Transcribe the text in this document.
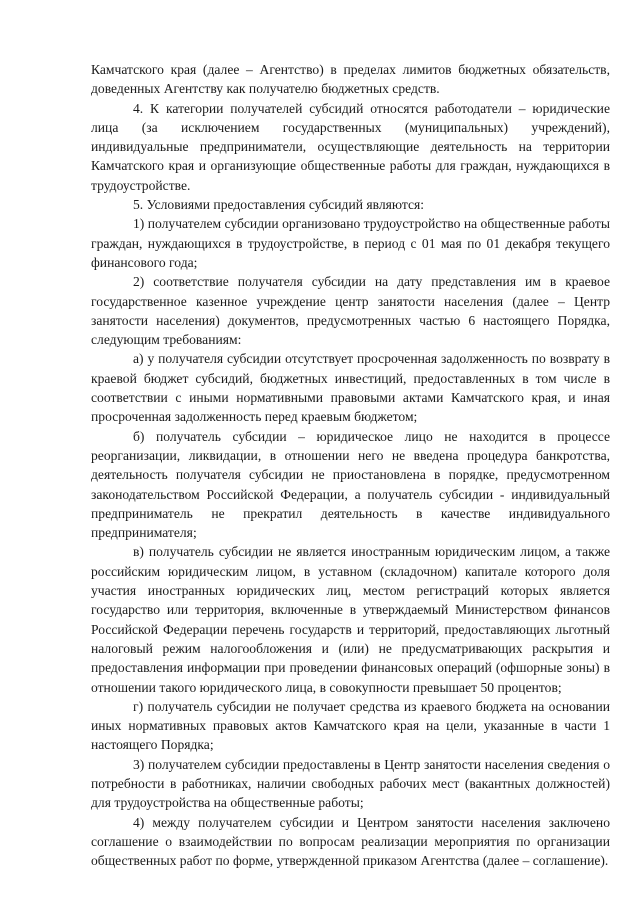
Камчатского края (далее – Агентство) в пределах лимитов бюджетных обязательств, доведенных Агентству как получателю бюджетных средств.

4. К категории получателей субсидий относятся работодатели – юридические лица (за исключением государственных (муниципальных) учреждений), индивидуальные предприниматели, осуществляющие деятельность на территории Камчатского края и организующие общественные работы для граждан, нуждающихся в трудоустройстве.

5. Условиями предоставления субсидий являются:

1) получателем субсидии организовано трудоустройство на общественные работы граждан, нуждающихся в трудоустройстве, в период с 01 мая по 01 декабря текущего финансового года;

2) соответствие получателя субсидии на дату представления им в краевое государственное казенное учреждение центр занятости населения (далее – Центр занятости населения) документов, предусмотренных частью 6 настоящего Порядка, следующим требованиям:

а) у получателя субсидии отсутствует просроченная задолженность по возврату в краевой бюджет субсидий, бюджетных инвестиций, предоставленных в том числе в соответствии с иными нормативными правовыми актами Камчатского края, и иная просроченная задолженность перед краевым бюджетом;

б) получатель субсидии – юридическое лицо не находится в процессе реорганизации, ликвидации, в отношении него не введена процедура банкротства, деятельность получателя субсидии не приостановлена в порядке, предусмотренном законодательством Российской Федерации, а получатель субсидии - индивидуальный предприниматель не прекратил деятельность в качестве индивидуального предпринимателя;

в) получатель субсидии не является иностранным юридическим лицом, а также российским юридическим лицом, в уставном (складочном) капитале которого доля участия иностранных юридических лиц, местом регистраций которых является государство или территория, включенные в утверждаемый Министерством финансов Российской Федерации перечень государств и территорий, предоставляющих льготный налоговый режим налогообложения и (или) не предусматривающих раскрытия и предоставления информации при проведении финансовых операций (офшорные зоны) в отношении такого юридического лица, в совокупности превышает 50 процентов;

г) получатель субсидии не получает средства из краевого бюджета на основании иных нормативных правовых актов Камчатского края на цели, указанные в части 1 настоящего Порядка;

3) получателем субсидии предоставлены в Центр занятости населения сведения о потребности в работниках, наличии свободных рабочих мест (вакантных должностей) для трудоустройства на общественные работы;

4) между получателем субсидии и Центром занятости населения заключено соглашение о взаимодействии по вопросам реализации мероприятия по организации общественных работ по форме, утвержденной приказом Агентства (далее – соглашение).
